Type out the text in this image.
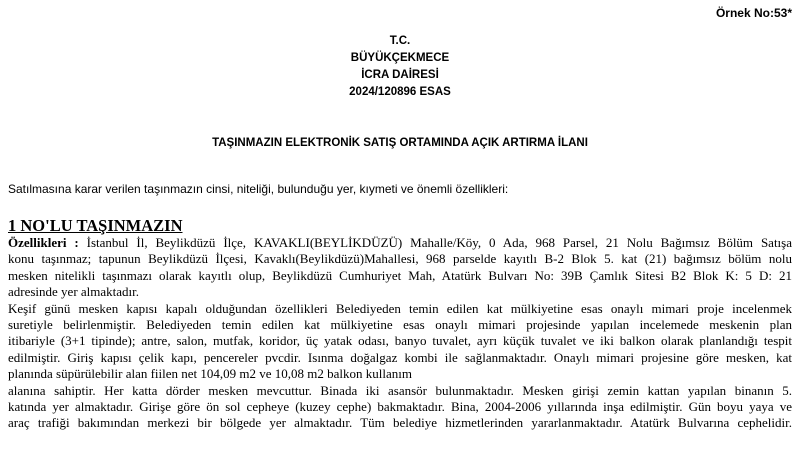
Örnek No:53*
T.C.
BÜYÜKÇEKMECE
İCRA DAİRESİ
2024/120896 ESAS
TAŞINMAZIN ELEKTRONİK SATIŞ ORTAMINDA AÇIK ARTIRMA İLANI
Satılmasına karar verilen taşınmazın cinsi, niteliği, bulunduğu yer, kıymeti ve önemli özellikleri:
1 NO'LU TAŞINMAZIN
Özellikleri : İstanbul İl, Beylikdüzü İlçe, KAVAKLI(BEYLİKDÜZÜ) Mahalle/Köy, 0 Ada, 968 Parsel, 21 Nolu Bağımsız Bölüm Satışa
konu taşınmaz; tapunun Beylikdüzü İlçesi, Kavaklı(Beylikdüzü)Mahallesi, 968 parselde kayıtlı B-2 Blok 5. kat (21) bağımsız bölüm nolu
mesken nitelikli taşınmazı olarak kayıtlı olup, Beylikdüzü Cumhuriyet Mah, Atatürk Bulvarı No: 39B Çamlık Sitesi B2 Blok K: 5 D: 21
adresinde yer almaktadır.
Keşif günü mesken kapısı kapalı olduğundan özellikleri Belediyeden temin edilen kat mülkiyetine esas onaylı mimari proje incelenmek
suretiyle belirlenmiştir. Belediyeden temin edilen kat mülkiyetine esas onaylı mimari projesinde yapılan incelemede meskenin plan
itibariyle (3+1 tipinde); antre, salon, mutfak, koridor, üç yatak odası, banyo tuvalet, ayrı küçük tuvalet ve iki balkon olarak planlandığı tespit
edilmiştir. Giriş kapısı çelik kapı, pencereler pvcdir. Isınma doğalgaz kombi ile sağlanmaktadır. Onaylı mimari projesine göre mesken, kat
planında süpürülebilir alan fiilen net 104,09 m2 ve 10,08 m2 balkon kullanım
alanına sahiptir. Her katta dörder mesken mevcuttur. Binada iki asansör bulunmaktadır. Mesken girişi zemin kattan yapılan binanın 5.
katında yer almaktadır. Girişe göre ön sol cepheye (kuzey cephe) bakmaktadır. Bina, 2004-2006 yıllarında inşa edilmiştir. Gün boyu yaya ve
araç trafiği bakımından merkezi bir bölgede yer almaktadır. Tüm belediye hizmetlerinden yararlanmaktadır. Atatürk Bulvarına cephelidir.
